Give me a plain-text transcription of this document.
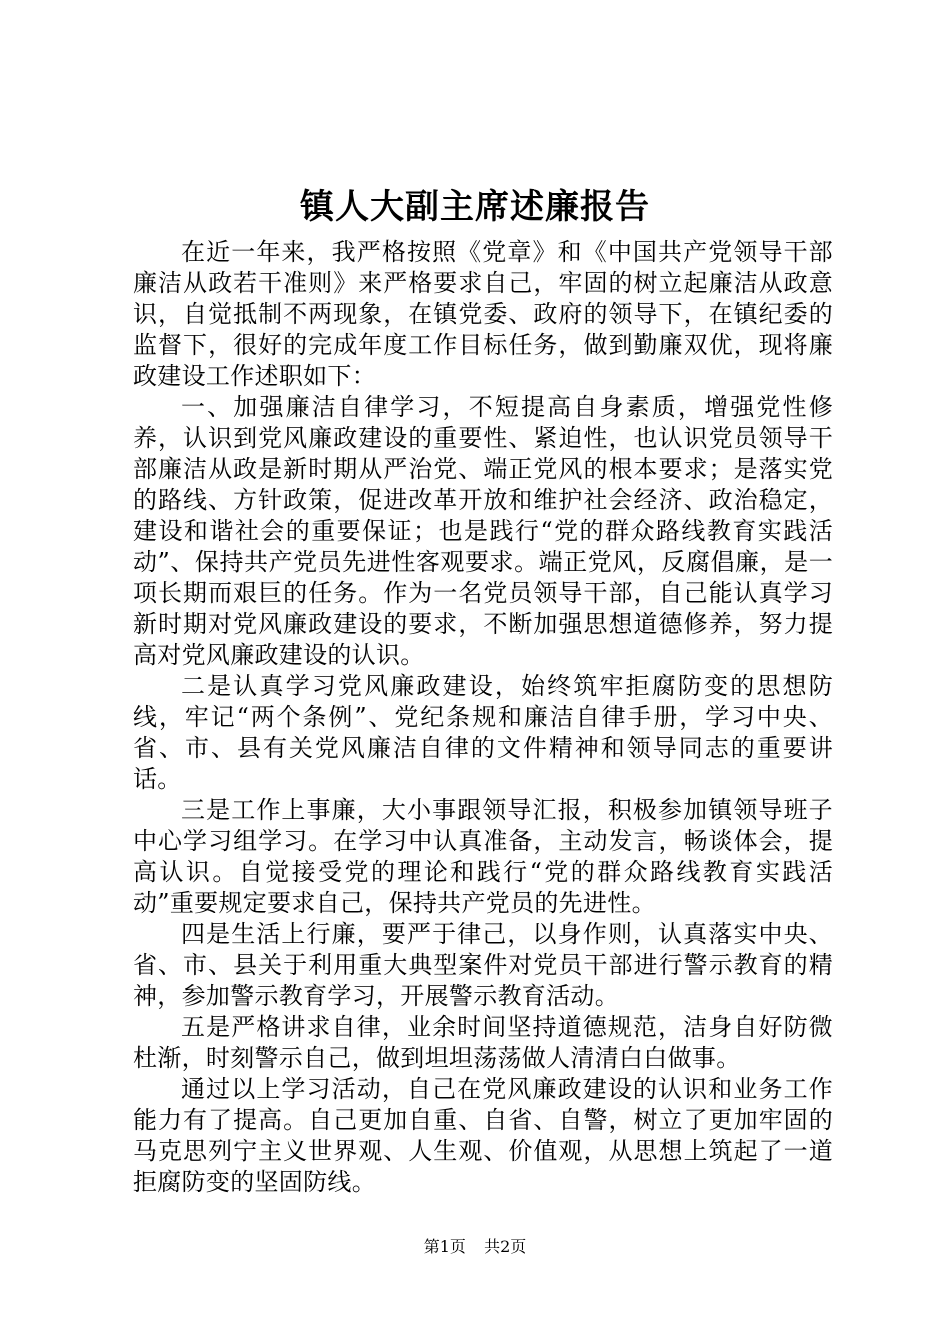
镇人大副主席述廉报告

在近一年来，我严格按照《党章》和《中国共产党领导干部廉洁从政若干准则》来严格要求自己，牢固的树立起廉洁从政意识，自觉抵制不两现象，在镇党委、政府的领导下，在镇纪委的监督下，很好的完成年度工作目标任务，做到勤廉双优，现将廉政建设工作述职如下：

一、加强廉洁自律学习，不短提高自身素质，增强党性修养，认识到党风廉政建设的重要性、紧迫性，也认识党员领导干部廉洁从政是新时期从严治党、端正党风的根本要求；是落实党的路线、方针政策，促进改革开放和维护社会经济、政治稳定，建设和谐社会的重要保证；也是践行“党的群众路线教育实践活动”、保持共产党员先进性客观要求。端正党风，反腐倡廉，是一项长期而艰巨的任务。作为一名党员领导干部，自己能认真学习新时期对党风廉政建设的要求，不断加强思想道德修养，努力提高对党风廉政建设的认识。

二是认真学习党风廉政建设，始终筑牢拒腐防变的思想防线，牢记“两个条例”、党纪条规和廉洁自律手册，学习中央、省、市、县有关党风廉洁自律的文件精神和领导同志的重要讲话。

三是工作上事廉，大小事跟领导汇报，积极参加镇领导班子中心学习组学习。在学习中认真准备，主动发言，畅谈体会，提高认识。自觉接受党的理论和践行“党的群众路线教育实践活动”重要规定要求自己，保持共产党员的先进性。

四是生活上行廉，要严于律己，以身作则，认真落实中央、省、市、县关于利用重大典型案件对党员干部进行警示教育的精神，参加警示教育学习，开展警示教育活动。

五是严格讲求自律，业余时间坚持道德规范，洁身自好防微杜渐，时刻警示自己，做到坦坦荡荡做人清清白白做事。

通过以上学习活动，自己在党风廉政建设的认识和业务工作能力有了提高。自己更加自重、自省、自警，树立了更加牢固的马克思列宁主义世界观、人生观、价值观，从思想上筑起了一道拒腐防变的坚固防线。

第1页 共2页
